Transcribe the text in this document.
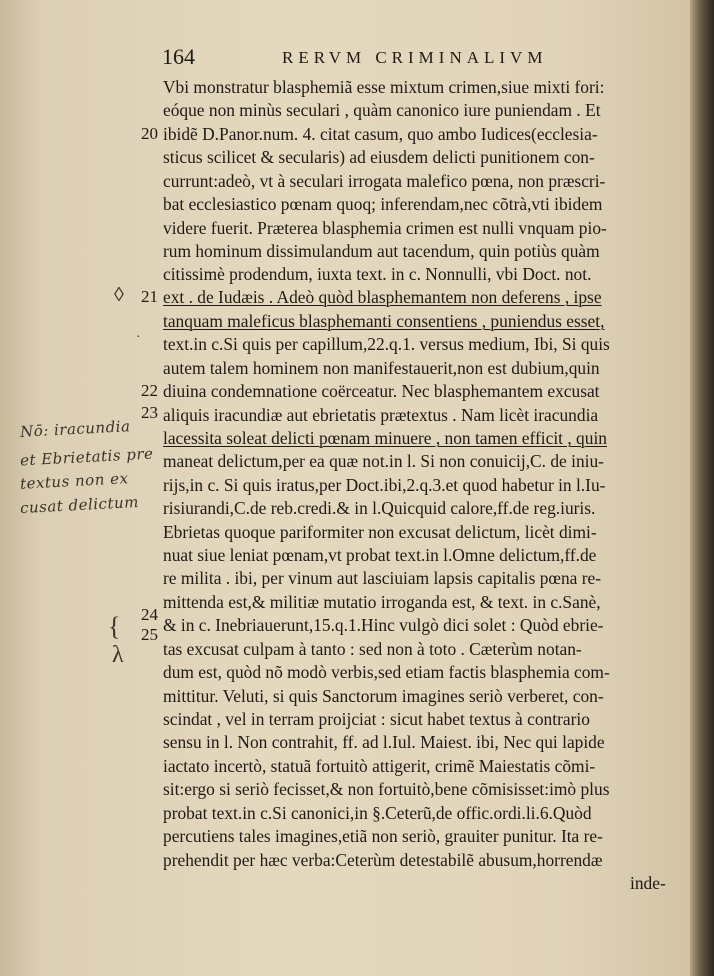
164	RERVM CRIMINALIVM
Vbi monstratur blasphemiã esse mixtum crimen,siue mixti fori:
eóque non minùs seculari , quàm canonico iure puniendam . Et
ibidẽ D.Panor.num. 4. citat casum, quo ambo Iudices(ecclesia-
sticus scilicet & secularis) ad eiusdem delicti punitionem con-
currunt:adeò, vt à seculari irrogata malefico pœna, non præscri-
bat ecclesiastico pœnam quoq; inferendam,nec cõtrà,vti ibidem
videre fuerit. Præterea blasphemia crimen est nulli vnquam pio-
rum hominum dissimulandum aut tacendum, quin potiùs quàm
citissimè prodendum, iuxta text. in c. Nonnulli, vbi Doct. not.
ext . de Iudæis . Adeò quòd blasphemantem non deferens , ipse
tanquam maleficus blasphemanti consentiens , puniendus esset,
text.in c.Si quis per capillum,22.q.1. versus medium, Ibi, Si quis
autem talem hominem non manifestauerit,non est dubium,quin
diuina condemnatione coërceatur. Nec blasphemantem excusat
aliquis iracundiæ aut ebrietatis prætextus . Nam licèt iracundia
lacessita soleat delicti pœnam minuere , non tamen efficit , quin
maneat delictum,per ea quæ not.in l. Si non conuicij,C. de iniu-
rijs,in c. Si quis iratus,per Doct.ibi,2.q.3.et quod habetur in l.Iu-
risiurandi,C.de reb.credi.& in l.Quicquid calore,ff.de reg.iuris.
Ebrietas quoque pariformiter non excusat delictum, licèt dimi-
nuat siue leniat pœnam,vt probat text.in l.Omne delictum,ff.de
re milita . ibi, per vinum aut lasciuiam lapsis capitalis pœna re-
mittenda est,& militiæ mutatio irroganda est, & text. in c.Sanè,
& in c. Inebriauerunt,15.q.1.Hinc vulgò dici solet : Quòd ebrie-
tas excusat culpam à tanto : sed non à toto . Cæterùm notan-
dum est, quòd nõ modò verbis,sed etiam factis blasphemia com-
mittitur. Veluti, si quis Sanctorum imagines seriò verberet, con-
scindat , vel in terram proijciat : sicut habet textus à contrario
sensu in l. Non contrahit, ff. ad l.Iul. Maiest. ibi, Nec qui lapide
iactato incertò, statuã fortuitò attigerit, crimẽ Maiestatis cõmi-
sit:ergo si seriò fecisset,& non fortuitò,bene cõmisisset:imò plus
probat text.in c.Si canonici,in §.Ceterũ,de offic.ordi.li.6.Quòd
percutiens tales imagines,etiã non seriò, grauiter punitur. Ita re-
prehendit per hæc verba:Ceterùm detestabilẽ abusum,horrendæ
inde-
20
21
22
23
24
25
Nō: iracundia
et Ebrietatis pre
textus non ex
cusat delictum
◊
·
{
λ
